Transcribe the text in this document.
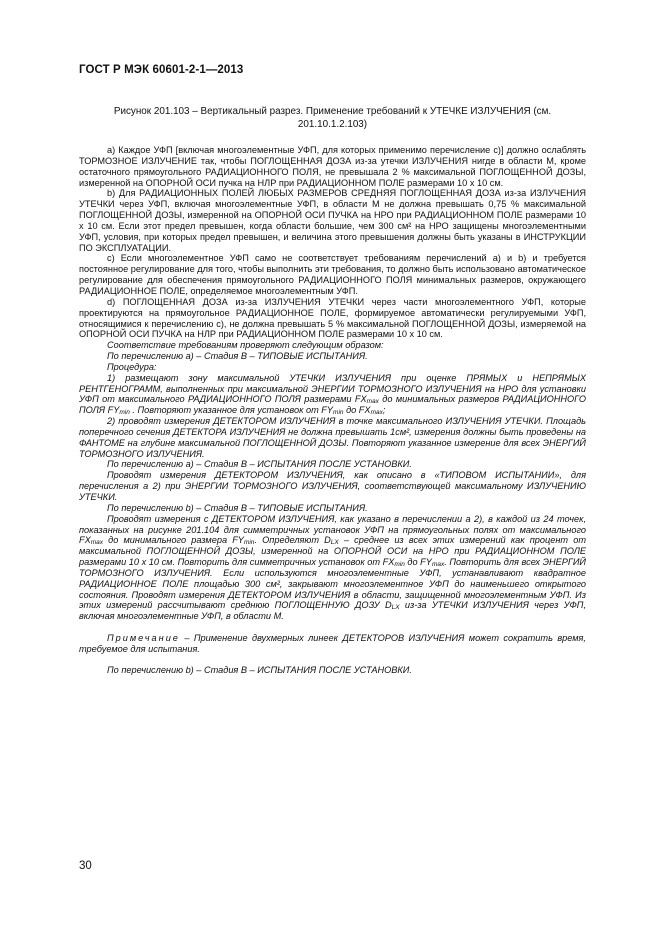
ГОСТ Р МЭК 60601-2-1—2013
Рисунок 201.103 – Вертикальный разрез. Применение требований к УТЕЧКЕ ИЗЛУЧЕНИЯ (см. 201.10.1.2.103)

a) Каждое УФП [включая многоэлементные УФП, для которых применимо перечисление с)] должно ослаблять ТОРМОЗНОЕ ИЗЛУЧЕНИЕ так, чтобы ПОГЛОЩЕННАЯ ДОЗА из-за утечки ИЗЛУЧЕНИЯ нигде в области М, кроме остаточного прямоугольного РАДИАЦИОННОГО ПОЛЯ, не превышала 2 % максимальной ПОГЛОЩЕННОЙ ДОЗЫ, измеренной на ОПОРНОЙ ОСИ пучка на НЛР при РАДИАЦИОННОМ ПОЛЕ размерами 10 х 10 см.

b) Для РАДИАЦИОННЫХ ПОЛЕЙ ЛЮБЫХ РАЗМЕРОВ СРЕДНЯЯ ПОГЛОЩЕННАЯ ДОЗА из-за ИЗЛУЧЕНИЯ УТЕЧКИ через УФП, включая многоэлементные УФП, в области М не должна превышать 0,75 % максимальной ПОГЛОЩЕННОЙ ДОЗЫ, измеренной на ОПОРНОЙ ОСИ ПУЧКА на НРО при РАДИАЦИОННОМ ПОЛЕ размерами 10 х 10 см. Если этот предел превышен, когда области большие, чем 300 см² на НРО защищены многоэлементными УФП, условия, при которых предел превышен, и величина этого превышения должны быть указаны в ИНСТРУКЦИИ ПО ЭКСПЛУАТАЦИИ.

с) Если многоэлементное УФП само не соответствует требованиям перечислений а) и b) и требуется постоянное регулирование для того, чтобы выполнить эти требования, то должно быть использовано автоматическое регулирование для обеспечения прямоугольного РАДИАЦИОННОГО ПОЛЯ минимальных размеров, окружающего РАДИАЦИОННОЕ ПОЛЕ, определяемое многоэлементным УФП.

d) ПОГЛОЩЕННАЯ ДОЗА из-за ИЗЛУЧЕНИЯ УТЕЧКИ через части многоэлементного УФП, которые проектируются на прямоугольное РАДИАЦИОННОЕ ПОЛЕ, формируемое автоматически регулируемыми УФП, относящимися к перечислению с), не должна превышать 5 % максимальной ПОГЛОЩЕННОЙ ДОЗЫ, измеряемой на ОПОРНОЙ ОСИ ПУЧКА на НЛР при РАДИАЦИОННОМ ПОЛЕ размерами 10 х 10 см.

Соответствие требованиям проверяют следующим образом:

По перечислению а) – Стадия В – ТИПОВЫЕ ИСПЫТАНИЯ.

Процедура:

1) размещают зону максимальной УТЕЧКИ ИЗЛУЧЕНИЯ при оценке ПРЯМЫХ и НЕПРЯМЫХ РЕНТГЕНОГРАММ, выполненных при максимальной ЭНЕРГИИ ТОРМОЗНОГО ИЗЛУЧЕНИЯ на НРО для установки УФП от максимального РАДИАЦИОННОГО ПОЛЯ размерами $FX_{max}$ до минимальных размеров РАДИАЦИОННОГО ПОЛЯ $FY_{min}$ . Повторяют указанное для установок от $FY_{min}$ до $FX_{max}$;

2) проводят измерения ДЕТЕКТОРОМ ИЗЛУЧЕНИЯ в точке максимального ИЗЛУЧЕНИЯ УТЕЧКИ. Площадь поперечного сечения ДЕТЕКТОРА ИЗЛУЧЕНИЯ не должна превышать 1см², измерения должны быть проведены на ФАНТОМЕ на глубине максимальной ПОГЛОЩЕННОЙ ДОЗЫ. Повторяют указанное измерение для всех ЭНЕРГИЙ ТОРМОЗНОГО ИЗЛУЧЕНИЯ.

По перечислению а) – Стадия В – ИСПЫТАНИЯ ПОСЛЕ УСТАНОВКИ.

Проводят измерения ДЕТЕКТОРОМ ИЗЛУЧЕНИЯ, как описано в «ТИПОВОМ ИСПЫТАНИИ», для перечисления а 2) при ЭНЕРГИИ ТОРМОЗНОГО ИЗЛУЧЕНИЯ, соответствующей максимальному ИЗЛУЧЕНИЮ УТЕЧКИ.

По перечислению b) – Стадия В – ТИПОВЫЕ ИСПЫТАНИЯ.

Проводят измерения с ДЕТЕКТОРОМ ИЗЛУЧЕНИЯ, как указано в перечислении а 2), в каждой из 24 точек, показанных на рисунке 201.104 для симметричных установок УФП на прямоугольных полях от максимального $FX_{max}$ до минимального размера $FY_{min}$. Определяют $D_{LX}$ – среднее из всех этих измерений как процент от максимальной ПОГЛОЩЕННОЙ ДОЗЫ, измеренной на ОПОРНОЙ ОСИ на НРО при РАДИАЦИОННОМ ПОЛЕ размерами 10 х 10 см. Повторить для симметричных установок от $FX_{min}$ до $FY_{max}$. Повторить для всех ЭНЕРГИЙ ТОРМОЗНОГО ИЗЛУЧЕНИЯ. Если используются многоэлементные УФП, устанавливают квадратное РАДИАЦИОННОЕ ПОЛЕ площадью 300 см², закрывают многоэлементное УФП до наименьшего открытого состояния. Проводят измерения ДЕТЕКТОРОМ ИЗЛУЧЕНИЯ в области, защищенной многоэлементным УФП. Из этих измерений рассчитывают среднюю ПОГЛОЩЕННУЮ ДОЗУ $D_{LX}$ из-за УТЕЧКИ ИЗЛУЧЕНИЯ через УФП, включая многоэлементные УФП, в области М.

Примечание – Применение двухмерных линеек ДЕТЕКТОРОВ ИЗЛУЧЕНИЯ может сократить время, требуемое для испытания.

По перечислению b) – Стадия В – ИСПЫТАНИЯ ПОСЛЕ УСТАНОВКИ.

30
